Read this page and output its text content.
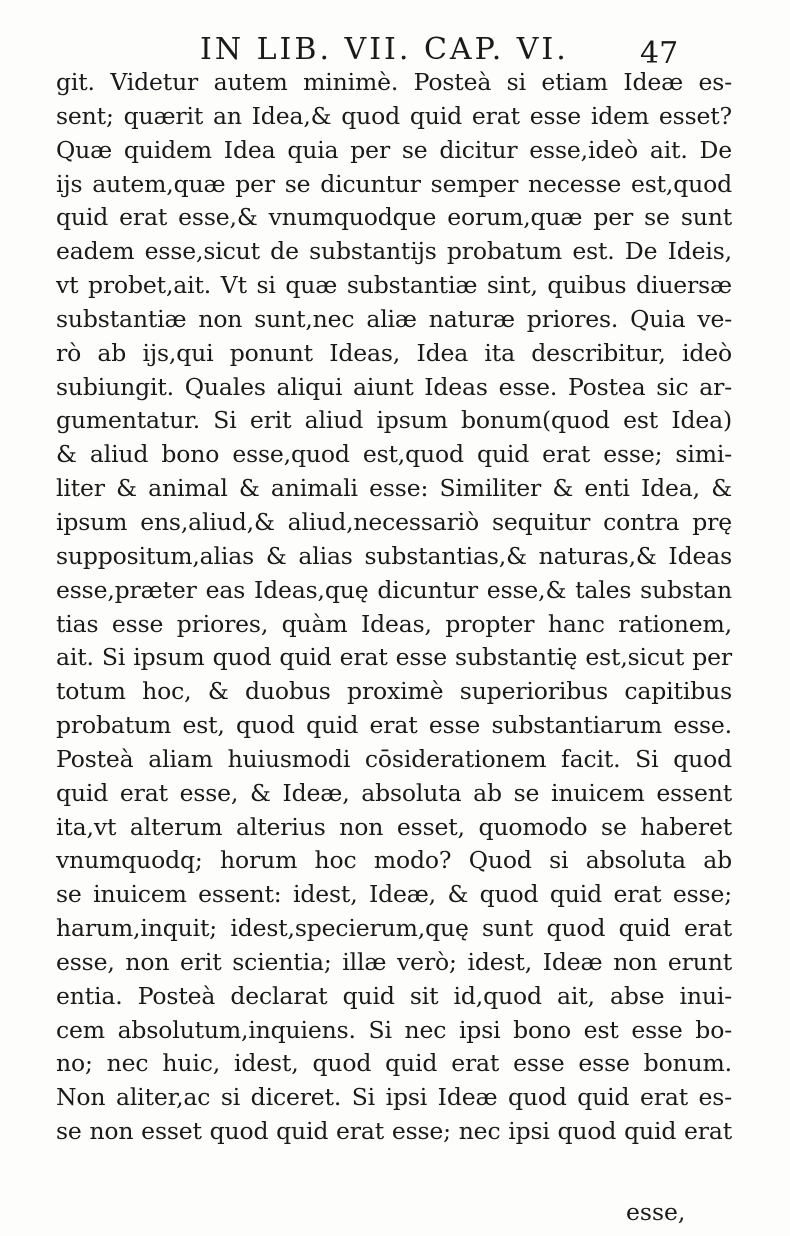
IN LIB. VII. CAP. VI. 47
git. Videtur autem minimè. Posteà si etiam Ideæ es-
sent; quærit an Idea,& quod quid erat esse idem esset?
Quæ quidem Idea quia per se dicitur esse,ideò ait. De
ijs autem,quæ per se dicuntur semper necesse est,quod
quid erat esse,& vnumquodque eorum,quæ per se sunt
eadem esse,sicut de substantijs probatum est. De Ideis,
vt probet,ait. Vt si quæ substantiæ sint, quibus diuersæ
substantiæ non sunt,nec aliæ naturæ priores. Quia ve-
rò ab ijs,qui ponunt Ideas, Idea ita describitur, ideò
subiungit. Quales aliqui aiunt Ideas esse. Postea sic ar-
gumentatur. Si erit aliud ipsum bonum(quod est Idea)
& aliud bono esse,quod est,quod quid erat esse; simi-
liter & animal & animali esse: Similiter & enti Idea, &
ipsum ens,aliud,& aliud,necessariò sequitur contra prę
suppositum,alias & alias substantias,& naturas,& Ideas
esse,præter eas Ideas,quę dicuntur esse,& tales substan
tias esse priores, quàm Ideas, propter hanc rationem,
ait. Si ipsum quod quid erat esse substantię est,sicut per
totum hoc, & duobus proximè superioribus capitibus
probatum est, quod quid erat esse substantiarum esse.
Posteà aliam huiusmodi cōsiderationem facit. Si quod
quid erat esse, & Ideæ, absoluta ab se inuicem essent
ita,vt alterum alterius non esset, quomodo se haberet
vnumquodq; horum hoc modo? Quod si absoluta ab
se inuicem essent: idest, Ideæ, & quod quid erat esse;
harum,inquit; idest,specierum,quę sunt quod quid erat
esse, non erit scientia; illæ verò; idest, Ideæ non erunt
entia. Posteà declarat quid sit id,quod ait, abse inui-
cem absolutum,inquiens. Si nec ipsi bono est esse bo-
no; nec huic, idest, quod quid erat esse esse bonum.
Non aliter,ac si diceret. Si ipsi Ideæ quod quid erat es-
se non esset quod quid erat esse; nec ipsi quod quid erat
esse,
